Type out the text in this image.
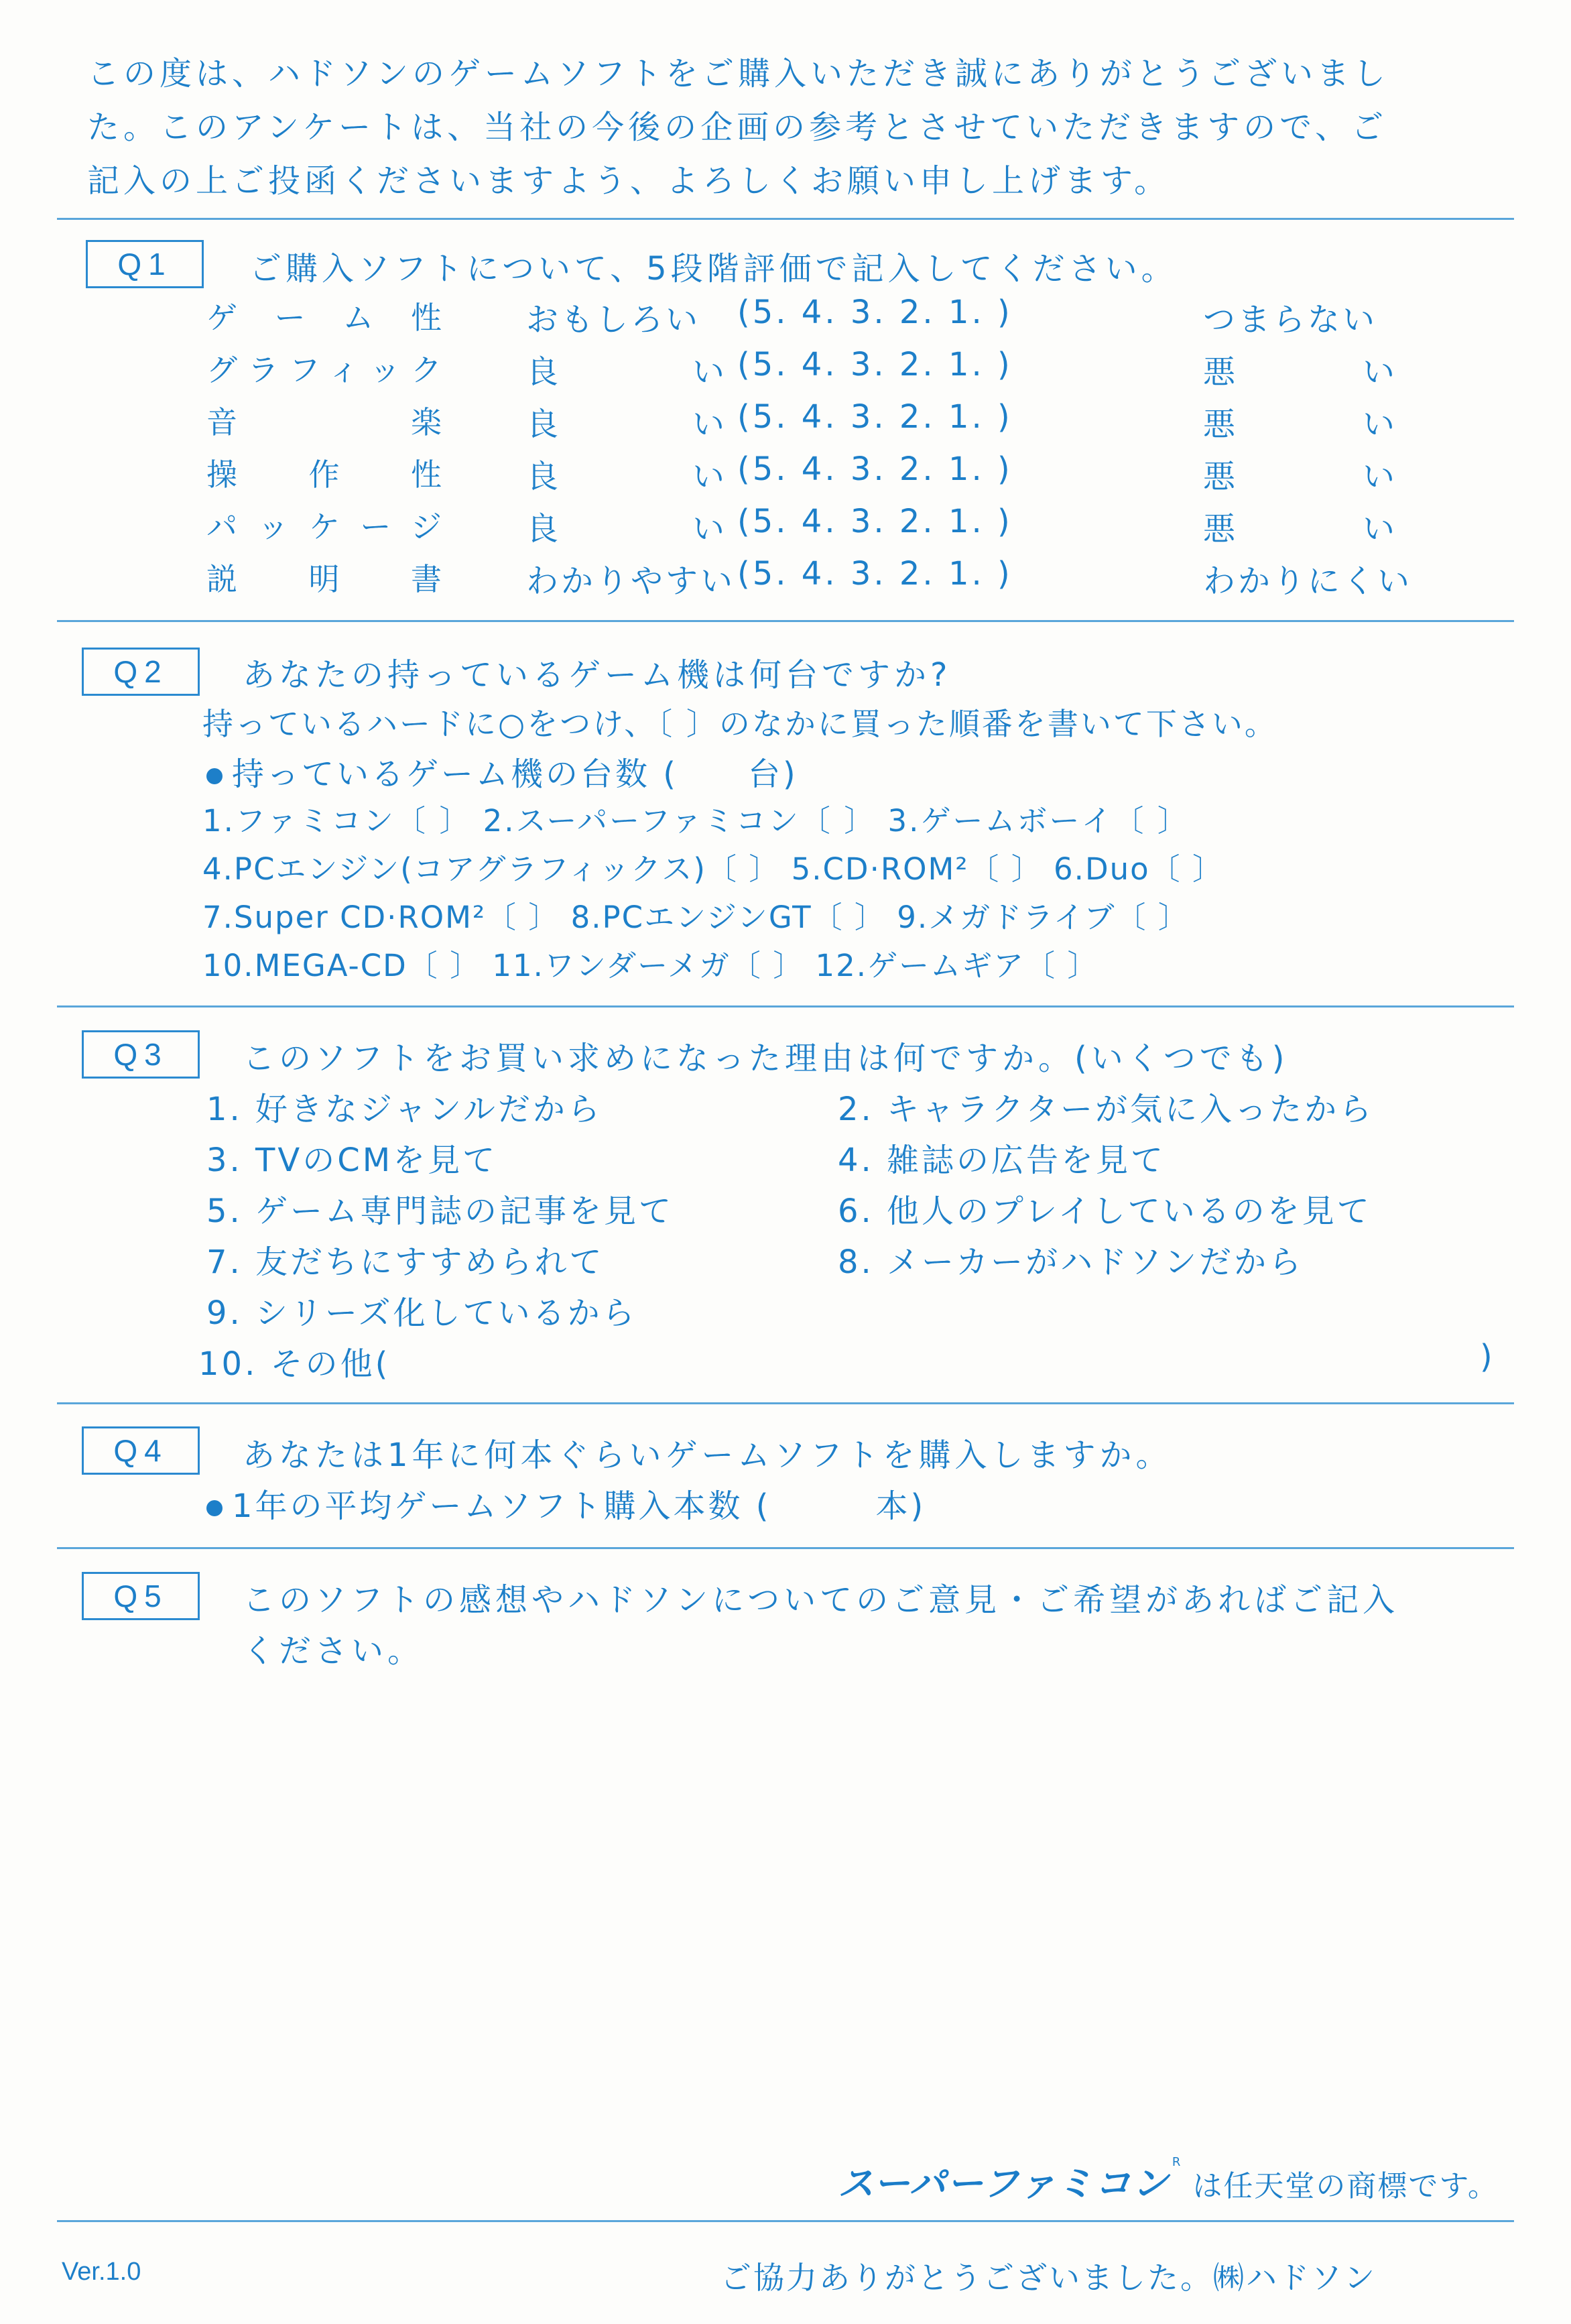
この度は、ハドソンのゲームソフトをご購入いただき誠にありがとうございまし
た。このアンケートは、当社の今後の企画の参考とさせていただきますので、ご
記入の上ご投函くださいますよう、よろしくお願い申し上げます。
Q1	ご購入ソフトについて、5段階評価で記入してください。
ゲーム性	おもしろい (5. 4. 3. 2. 1. )	つまらない
グラフィック	良い (5. 4. 3. 2. 1. )	悪い
音楽	良い (5. 4. 3. 2. 1. )	悪い
操作性	良い (5. 4. 3. 2. 1. )	悪い
パッケージ	良い (5. 4. 3. 2. 1. )	悪い
説明書	わかりやすい (5. 4. 3. 2. 1. )	わかりにくい
Q2	あなたの持っているゲーム機は何台ですか?
持っているハードに○をつけ、〔 〕のなかに買った順番を書いて下さい。
持っているゲーム機の台数 (　　台)
1.ファミコン〔 〕 2.スーパーファミコン〔 〕 3.ゲームボーイ〔 〕
4.PCエンジン(コアグラフィックス)〔 〕 5.CD·ROM²〔 〕 6.Duo〔 〕
7.Super CD·ROM²〔 〕 8.PCエンジンGT〔 〕 9.メガドライブ〔 〕
10.MEGA-CD〔 〕 11.ワンダーメガ〔 〕 12.ゲームギア〔 〕
Q3	このソフトをお買い求めになった理由は何ですか。(いくつでも)
1. 好きなジャンルだから	2. キャラクターが気に入ったから
3. TVのCMを見て	4. 雑誌の広告を見て
5. ゲーム専門誌の記事を見て	6. 他人のプレイしているのを見て
7. 友だちにすすめられて	8. メーカーがハドソンだから
9. シリーズ化しているから
10. その他(	)
Q4	あなたは1年に何本ぐらいゲームソフトを購入しますか。
1年の平均ゲームソフト購入本数 (　　　本)
Q5	このソフトの感想やハドソンについてのご意見・ご希望があればご記入
ください。
スーパーファミコンRは任天堂の商標です。
Ver.1.0	ご協力ありがとうございました。㈱ハドソン
